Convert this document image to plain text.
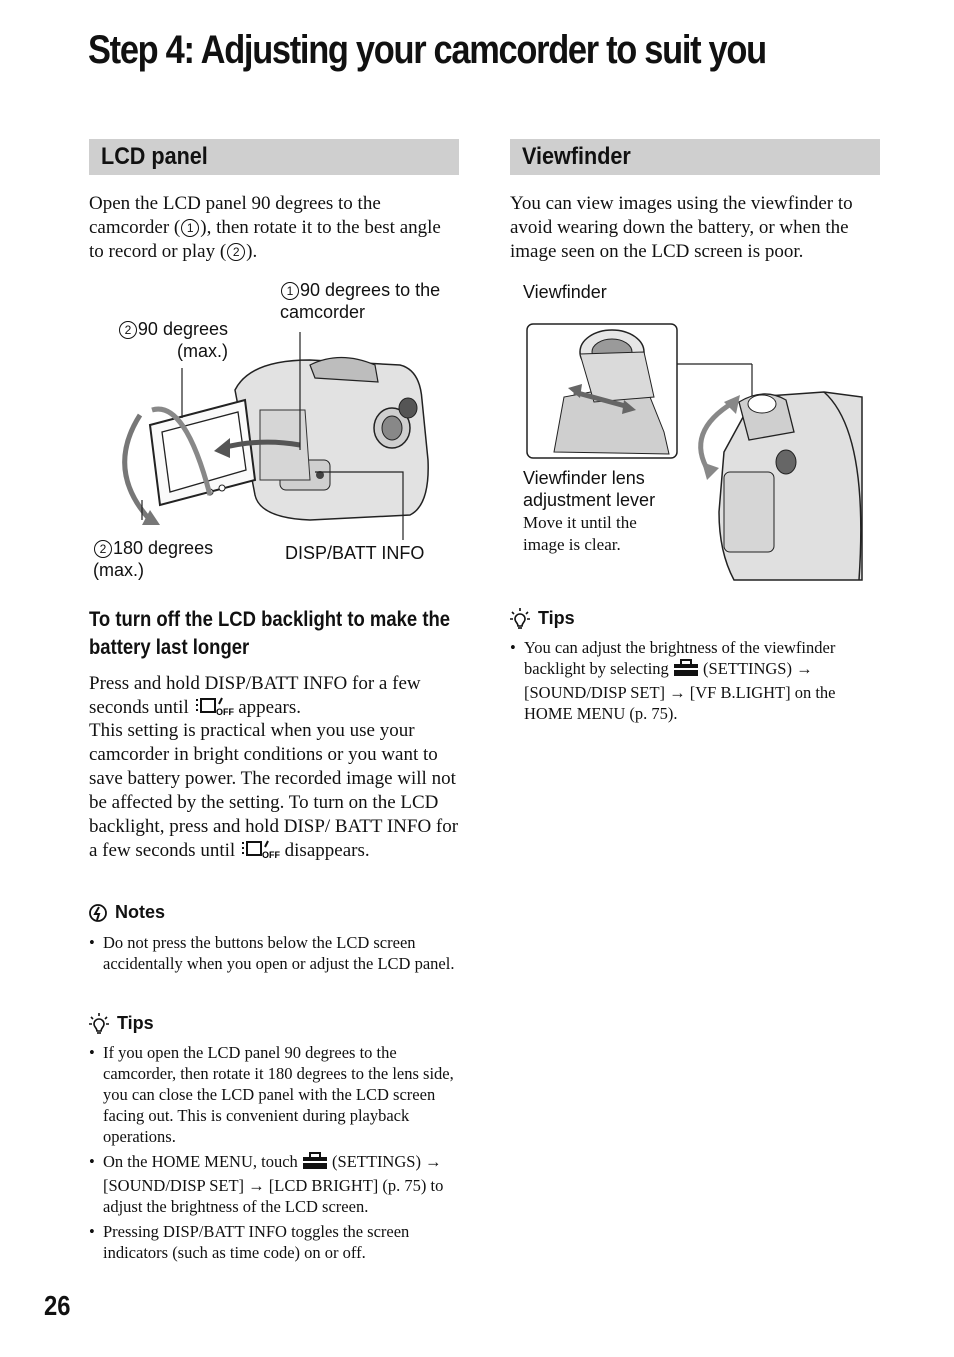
Step 4: Adjusting your camcorder to suit you
LCD panel

Open the LCD panel 90 degrees to the camcorder ( 1 ), then rotate it to the best angle to record or play ( 2 ).

1 90 degrees to the camcorder
2 90 degrees (max.)
2 180 degrees (max.)
DISP/BATT INFO
To turn off the LCD backlight to make the battery last longer

Press and hold DISP/BATT INFO for a few seconds until OFF appears.

This setting is practical when you use your camcorder in bright conditions or you want to save battery power. The recorded image will not be affected by the setting. To turn on the LCD backlight, press and hold DISP/ BATT INFO for a few seconds until OFF disappears.

Notes
• Do not press the buttons below the LCD screen accidentally when you open or adjust the LCD panel.
Tips
• If you open the LCD panel 90 degrees to the camcorder, then rotate it 180 degrees to the lens side, you can close the LCD panel with the LCD screen facing out. This is convenient during playback operations.
• On the HOME MENU, touch  (SETTINGS) → [SOUND/DISP SET] → [LCD BRIGHT] (p. 75) to adjust the brightness of the LCD screen.
• Pressing DISP/BATT INFO toggles the screen indicators (such as time code) on or off.
26
Viewfinder

You can view images using the viewfinder to avoid wearing down the battery, or when the image seen on the LCD screen is poor.

Viewfinder
Viewfinder lens adjustment lever
Move it until the image is clear.
Tips
• You can adjust the brightness of the viewfinder backlight by selecting  (SETTINGS) → [SOUND/DISP SET] → [VF B.LIGHT] on the HOME MENU (p. 75).
